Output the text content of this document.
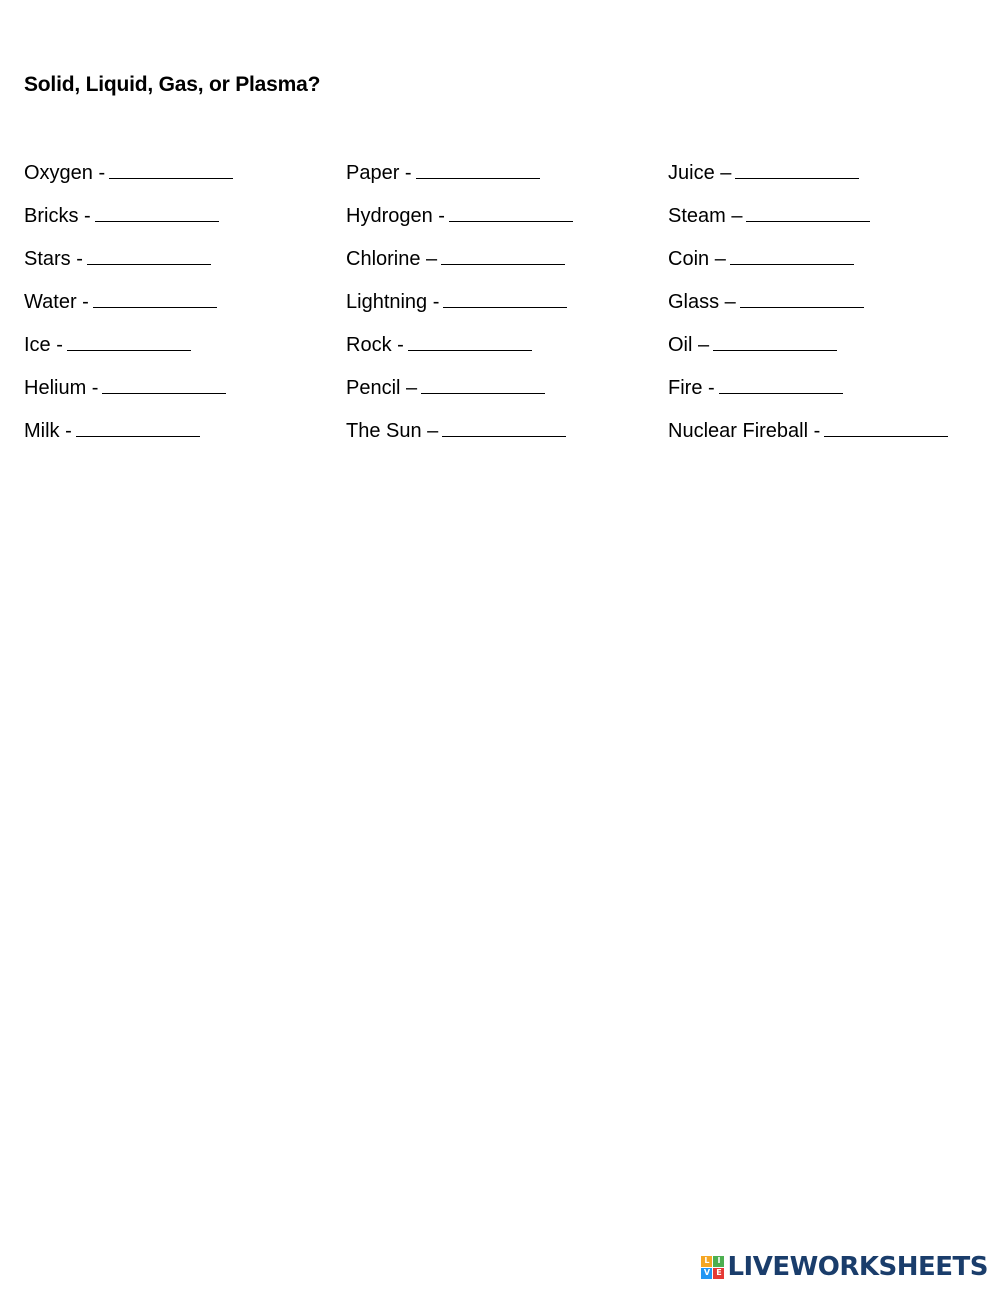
Solid, Liquid, Gas, or Plasma?
Oxygen -
Bricks -
Stars -
Water -
Ice -
Helium -
Milk -
Paper -
Hydrogen -
Chlorine –
Lightning -
Rock -
Pencil –
The Sun –
Juice –
Steam –
Coin –
Glass –
Oil –
Fire -
Nuclear Fireball -
L I
V E LIVEWORKSHEETS
